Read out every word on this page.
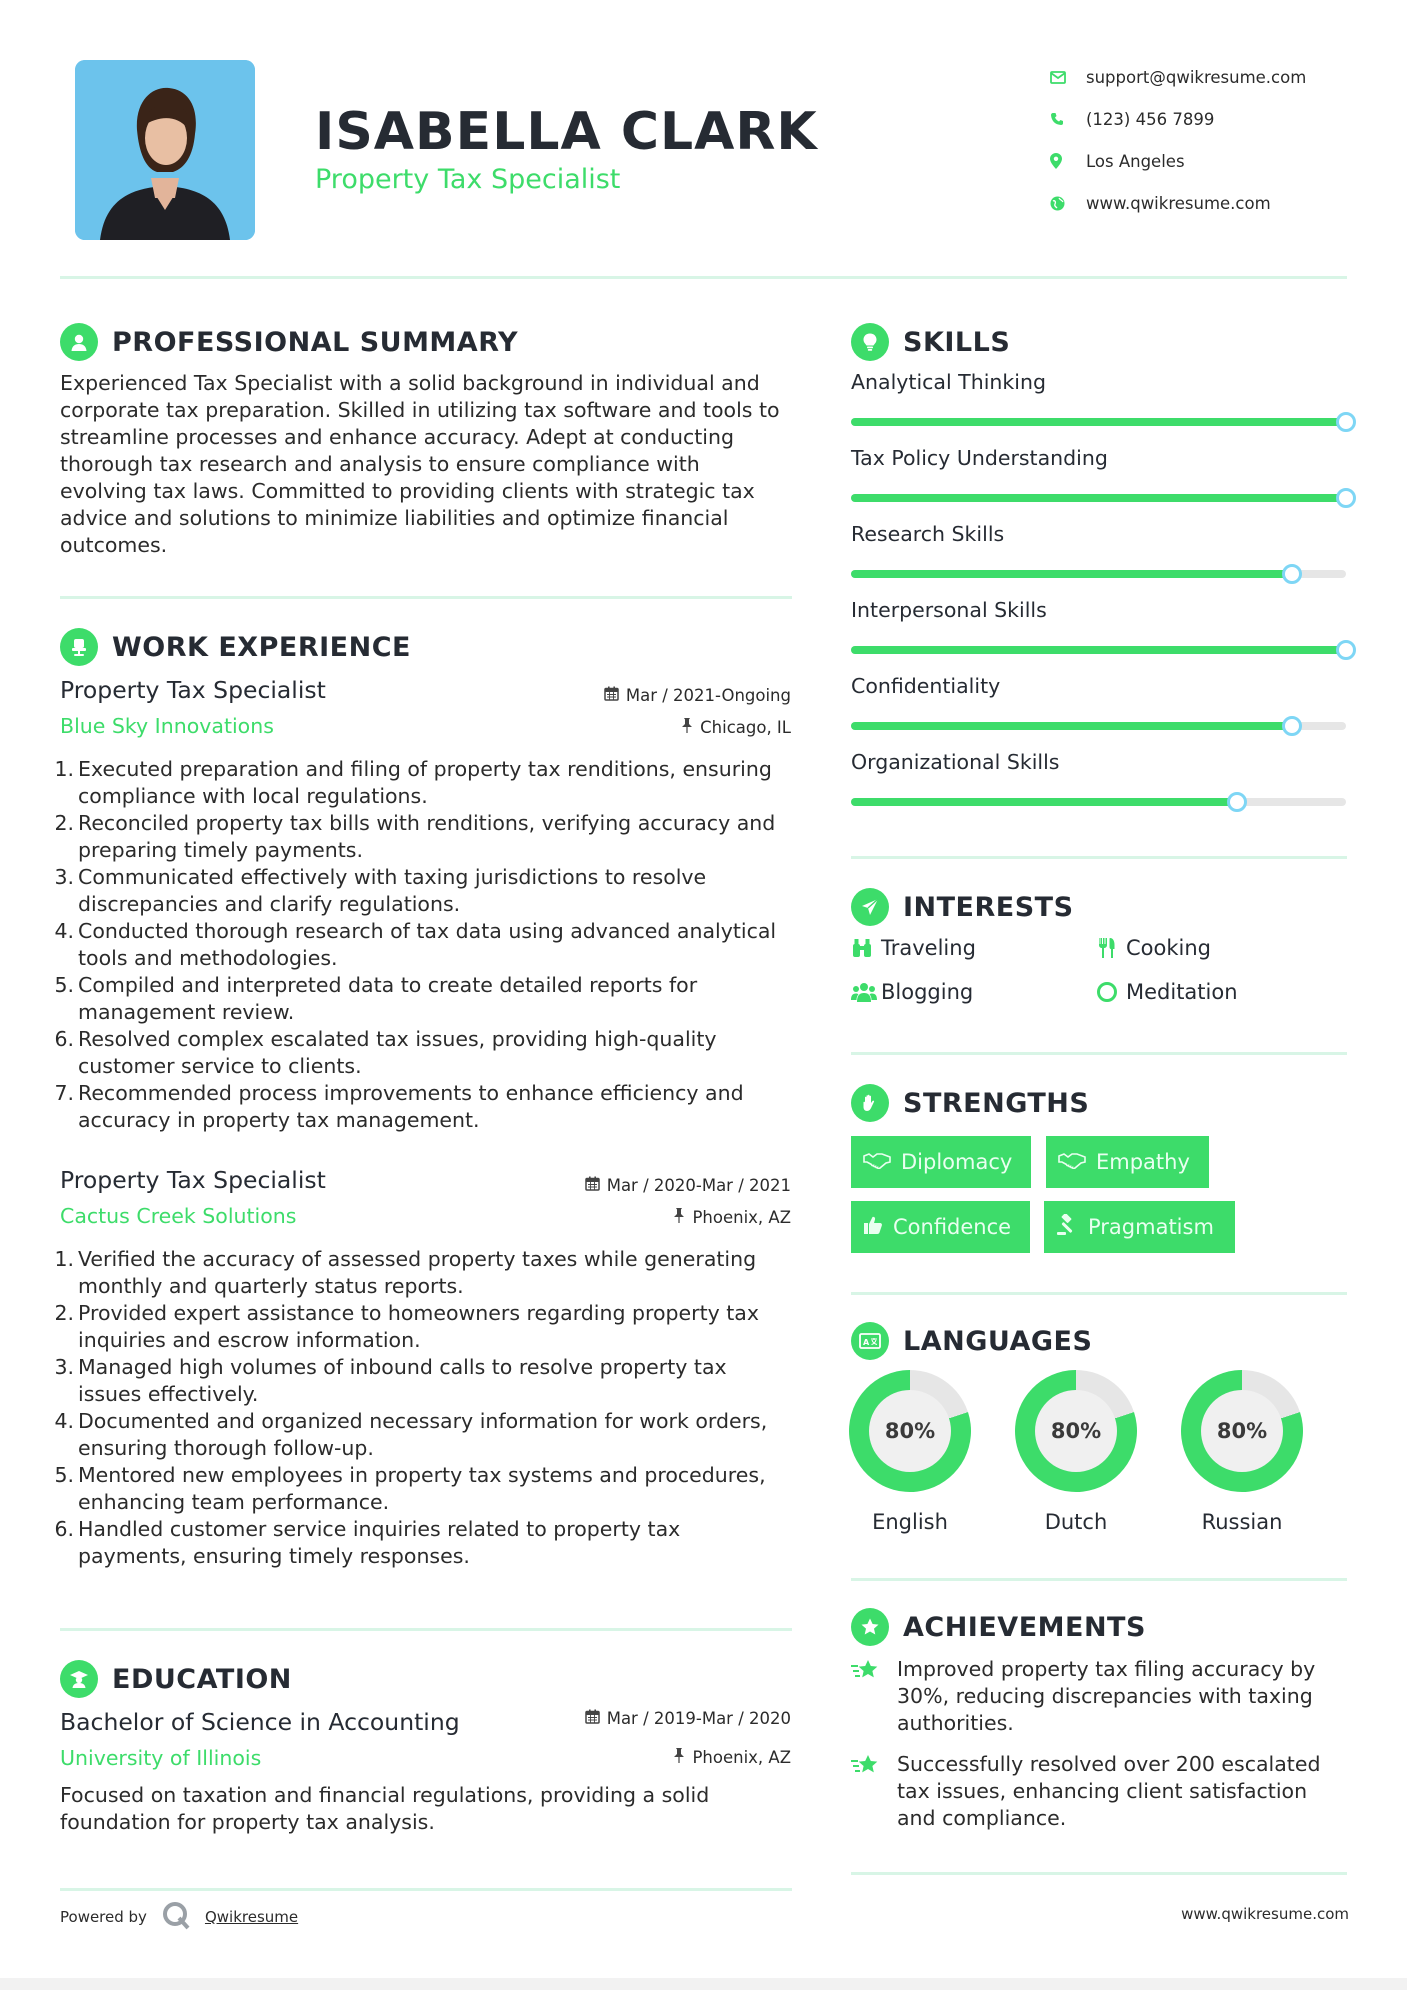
ISABELLA CLARK
Property Tax Specialist
support@qwikresume.com
(123) 456 7899
Los Angeles
www.qwikresume.com
PROFESSIONAL SUMMARY
Experienced Tax Specialist with a solid background in individual and
corporate tax preparation. Skilled in utilizing tax software and tools to
streamline processes and enhance accuracy. Adept at conducting
thorough tax research and analysis to ensure compliance with
evolving tax laws. Committed to providing clients with strategic tax
advice and solutions to minimize liabilities and optimize financial
outcomes.
WORK EXPERIENCE
Property Tax Specialist	Mar / 2021-Ongoing
Blue Sky Innovations	Chicago, IL
1. Executed preparation and filing of property tax renditions, ensuring
compliance with local regulations.
2. Reconciled property tax bills with renditions, verifying accuracy and
preparing timely payments.
3. Communicated effectively with taxing jurisdictions to resolve
discrepancies and clarify regulations.
4. Conducted thorough research of tax data using advanced analytical
tools and methodologies.
5. Compiled and interpreted data to create detailed reports for
management review.
6. Resolved complex escalated tax issues, providing high-quality
customer service to clients.
7. Recommended process improvements to enhance efficiency and
accuracy in property tax management.
Property Tax Specialist	Mar / 2020-Mar / 2021
Cactus Creek Solutions	Phoenix, AZ
1. Verified the accuracy of assessed property taxes while generating
monthly and quarterly status reports.
2. Provided expert assistance to homeowners regarding property tax
inquiries and escrow information.
3. Managed high volumes of inbound calls to resolve property tax
issues effectively.
4. Documented and organized necessary information for work orders,
ensuring thorough follow-up.
5. Mentored new employees in property tax systems and procedures,
enhancing team performance.
6. Handled customer service inquiries related to property tax
payments, ensuring timely responses.
EDUCATION
Bachelor of Science in Accounting	Mar / 2019-Mar / 2020
University of Illinois	Phoenix, AZ
Focused on taxation and financial regulations, providing a solid
foundation for property tax analysis.
SKILLS
Analytical Thinking
Tax Policy Understanding
Research Skills
Interpersonal Skills
Confidentiality
Organizational Skills
INTERESTS
Traveling	Cooking
Blogging	Meditation
STRENGTHS
Diplomacy	Empathy
Confidence	Pragmatism
A LANGUAGES
80%
English
80%
Dutch
80%
Russian
ACHIEVEMENTS
Improved property tax filing accuracy by
30%, reducing discrepancies with taxing
authorities.
Successfully resolved over 200 escalated
tax issues, enhancing client satisfaction
and compliance.
Powered by	Qwikresume	www.qwikresume.com
